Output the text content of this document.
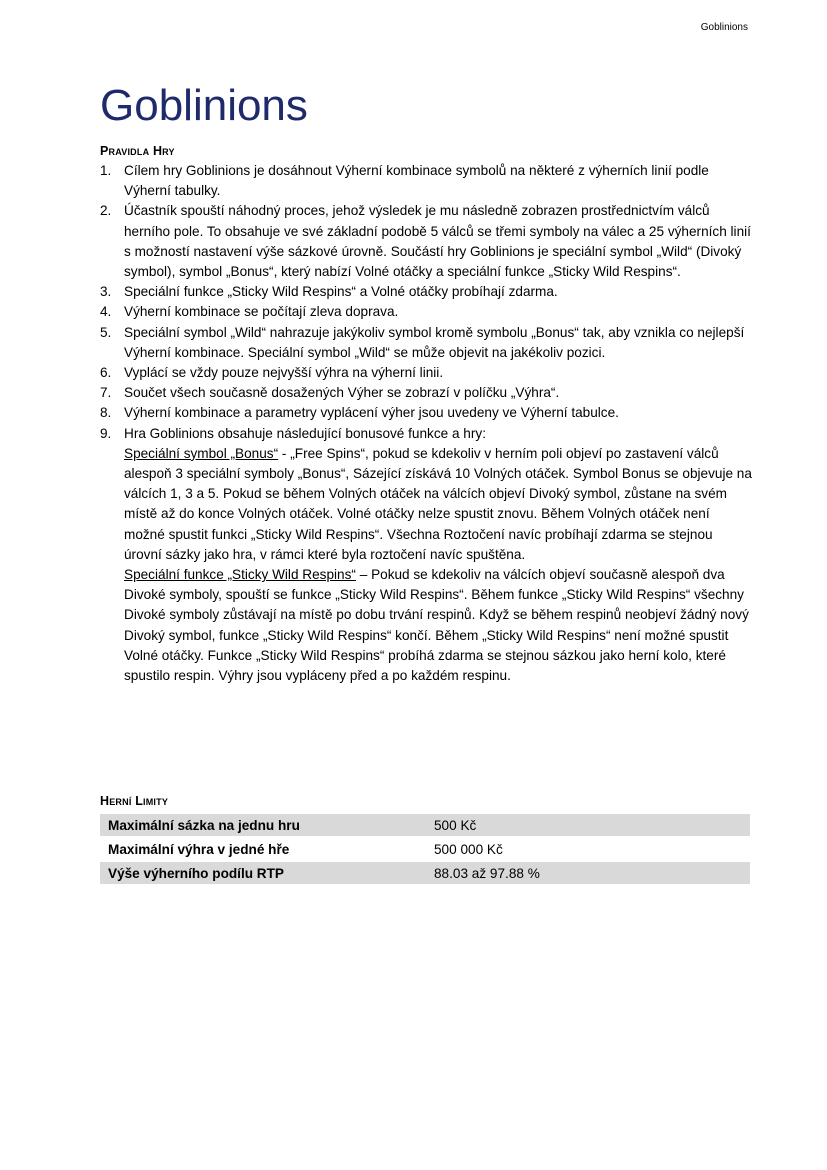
Goblinions
Goblinions
Pravidla Hry
1. Cílem hry Goblinions je dosáhnout Výherní kombinace symbolů na některé z výherních linií podle Výherní tabulky.
2. Účastník spouští náhodný proces, jehož výsledek je mu následně zobrazen prostřednictvím válců herního pole. To obsahuje ve své základní podobě 5 válců se třemi symboly na válec a 25 výherních linií s možností nastavení výše sázkové úrovně. Součástí hry Goblinions je speciální symbol „Wild“ (Divoký symbol), symbol „Bonus“, který nabízí Volné otáčky a speciální funkce „Sticky Wild Respins“.
3. Speciální funkce „Sticky Wild Respins“ a Volné otáčky probíhají zdarma.
4. Výherní kombinace se počítají zleva doprava.
5. Speciální symbol „Wild“ nahrazuje jakýkoliv symbol kromě symbolu „Bonus“ tak, aby vznikla co nejlepší Výherní kombinace. Speciální symbol „Wild“ se může objevit na jakékoliv pozici.
6. Vyplácí se vždy pouze nejvyšší výhra na výherní linii.
7. Součet všech současně dosažených Výher se zobrazí v políčku „Výhra“.
8. Výherní kombinace a parametry vyplácení výher jsou uvedeny ve Výherní tabulce.
9. Hra Goblinions obsahuje následující bonusové funkce a hry:
Speciální symbol „Bonus“ - „Free Spins“, pokud se kdekoliv v herním poli objeví po zastavení válců alespoň 3 speciální symboly „Bonus“, Sázející získává 10 Volných otáček. Symbol Bonus se objevuje na válcích 1, 3 a 5. Pokud se během Volných otáček na válcích objeví Divoký symbol, zůstane na svém místě až do konce Volných otáček. Volné otáčky nelze spustit znovu. Během Volných otáček není možné spustit funkci „Sticky Wild Respins“. Všechna Roztočení navíc probíhají zdarma se stejnou úrovní sázky jako hra, v rámci které byla roztočení navíc spuštěna.
Speciální funkce „Sticky Wild Respins“ – Pokud se kdekoliv na válcích objeví současně alespoň dva Divoké symboly, spouští se funkce „Sticky Wild Respins“. Během funkce „Sticky Wild Respins“ všechny Divoké symboly zůstávají na místě po dobu trvání respinů. Když se během respinů neobjeví žádný nový Divoký symbol, funkce „Sticky Wild Respins“ končí. Během „Sticky Wild Respins“ není možné spustit Volné otáčky. Funkce „Sticky Wild Respins“ probíhá zdarma se stejnou sázkou jako herní kolo, které spustilo respin. Výhry jsou vypláceny před a po každém respinu.
Herní Limity
Maximální sázka na jednu hru	500 Kč
Maximální výhra v jedné hře	500 000 Kč
Výše výherního podílu RTP	88.03 až 97.88 %
